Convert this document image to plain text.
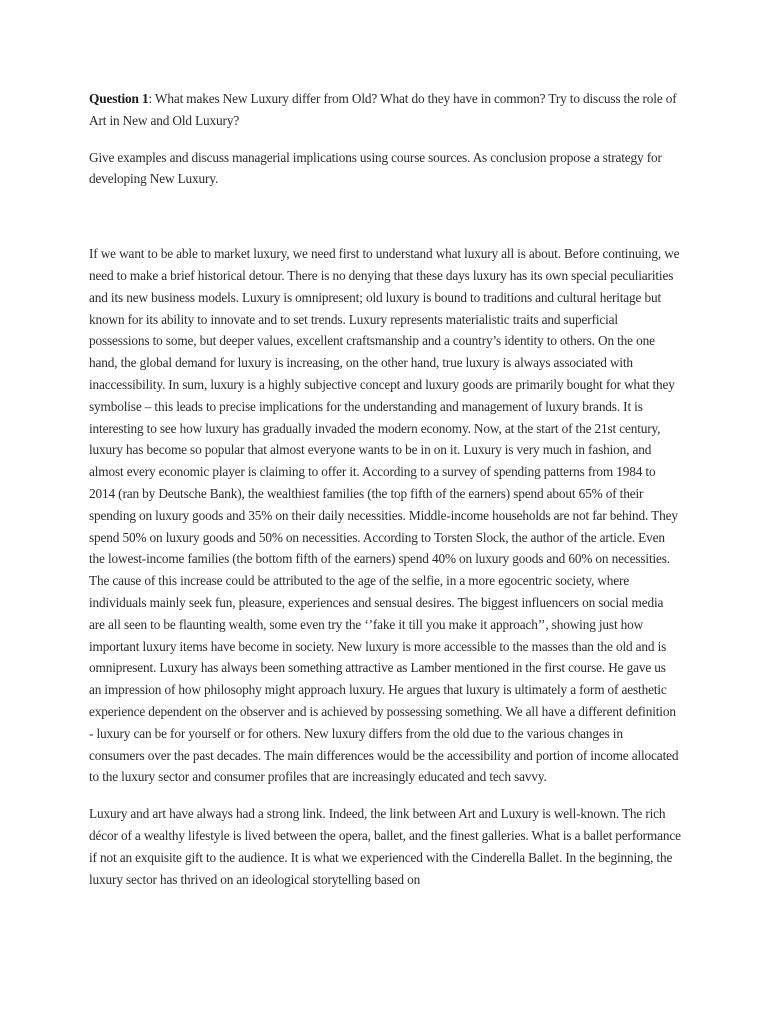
Question 1: What makes New Luxury differ from Old? What do they have in common? Try to discuss the role of Art in New and Old Luxury?

Give examples and discuss managerial implications using course sources. As conclusion propose a strategy for developing New Luxury.

If we want to be able to market luxury, we need first to understand what luxury all is about. Before continuing, we need to make a brief historical detour. There is no denying that these days luxury has its own special peculiarities and its new business models. Luxury is omnipresent; old luxury is bound to traditions and cultural heritage but known for its ability to innovate and to set trends. Luxury represents materialistic traits and superficial possessions to some, but deeper values, excellent craftsmanship and a country’s identity to others. On the one hand, the global demand for luxury is increasing, on the other hand, true luxury is always associated with inaccessibility. In sum, luxury is a highly subjective concept and luxury goods are primarily bought for what they symbolise – this leads to precise implications for the understanding and management of luxury brands. It is interesting to see how luxury has gradually invaded the modern economy. Now, at the start of the 21st century, luxury has become so popular that almost everyone wants to be in on it. Luxury is very much in fashion, and almost every economic player is claiming to offer it. According to a survey of spending patterns from 1984 to 2014 (ran by Deutsche Bank), the wealthiest families (the top fifth of the earners) spend about 65% of their spending on luxury goods and 35% on their daily necessities. Middle-income households are not far behind. They spend 50% on luxury goods and 50% on necessities. According to Torsten Slock, the author of the article. Even the lowest-income families (the bottom fifth of the earners) spend 40% on luxury goods and 60% on necessities. The cause of this increase could be attributed to the age of the selfie, in a more egocentric society, where individuals mainly seek fun, pleasure, experiences and sensual desires. The biggest influencers on social media are all seen to be flaunting wealth, some even try the ‘’fake it till you make it approach’’, showing just how important luxury items have become in society. New luxury is more accessible to the masses than the old and is omnipresent. Luxury has always been something attractive as Lamber mentioned in the first course. He gave us an impression of how philosophy might approach luxury. He argues that luxury is ultimately a form of aesthetic experience dependent on the observer and is achieved by possessing something. We all have a different definition - luxury can be for yourself or for others. New luxury differs from the old due to the various changes in consumers over the past decades. The main differences would be the accessibility and portion of income allocated to the luxury sector and consumer profiles that are increasingly educated and tech savvy.

Luxury and art have always had a strong link. Indeed, the link between Art and Luxury is well-known. The rich décor of a wealthy lifestyle is lived between the opera, ballet, and the finest galleries. What is a ballet performance if not an exquisite gift to the audience. It is what we experienced with the Cinderella Ballet. In the beginning, the luxury sector has thrived on an ideological storytelling based on
